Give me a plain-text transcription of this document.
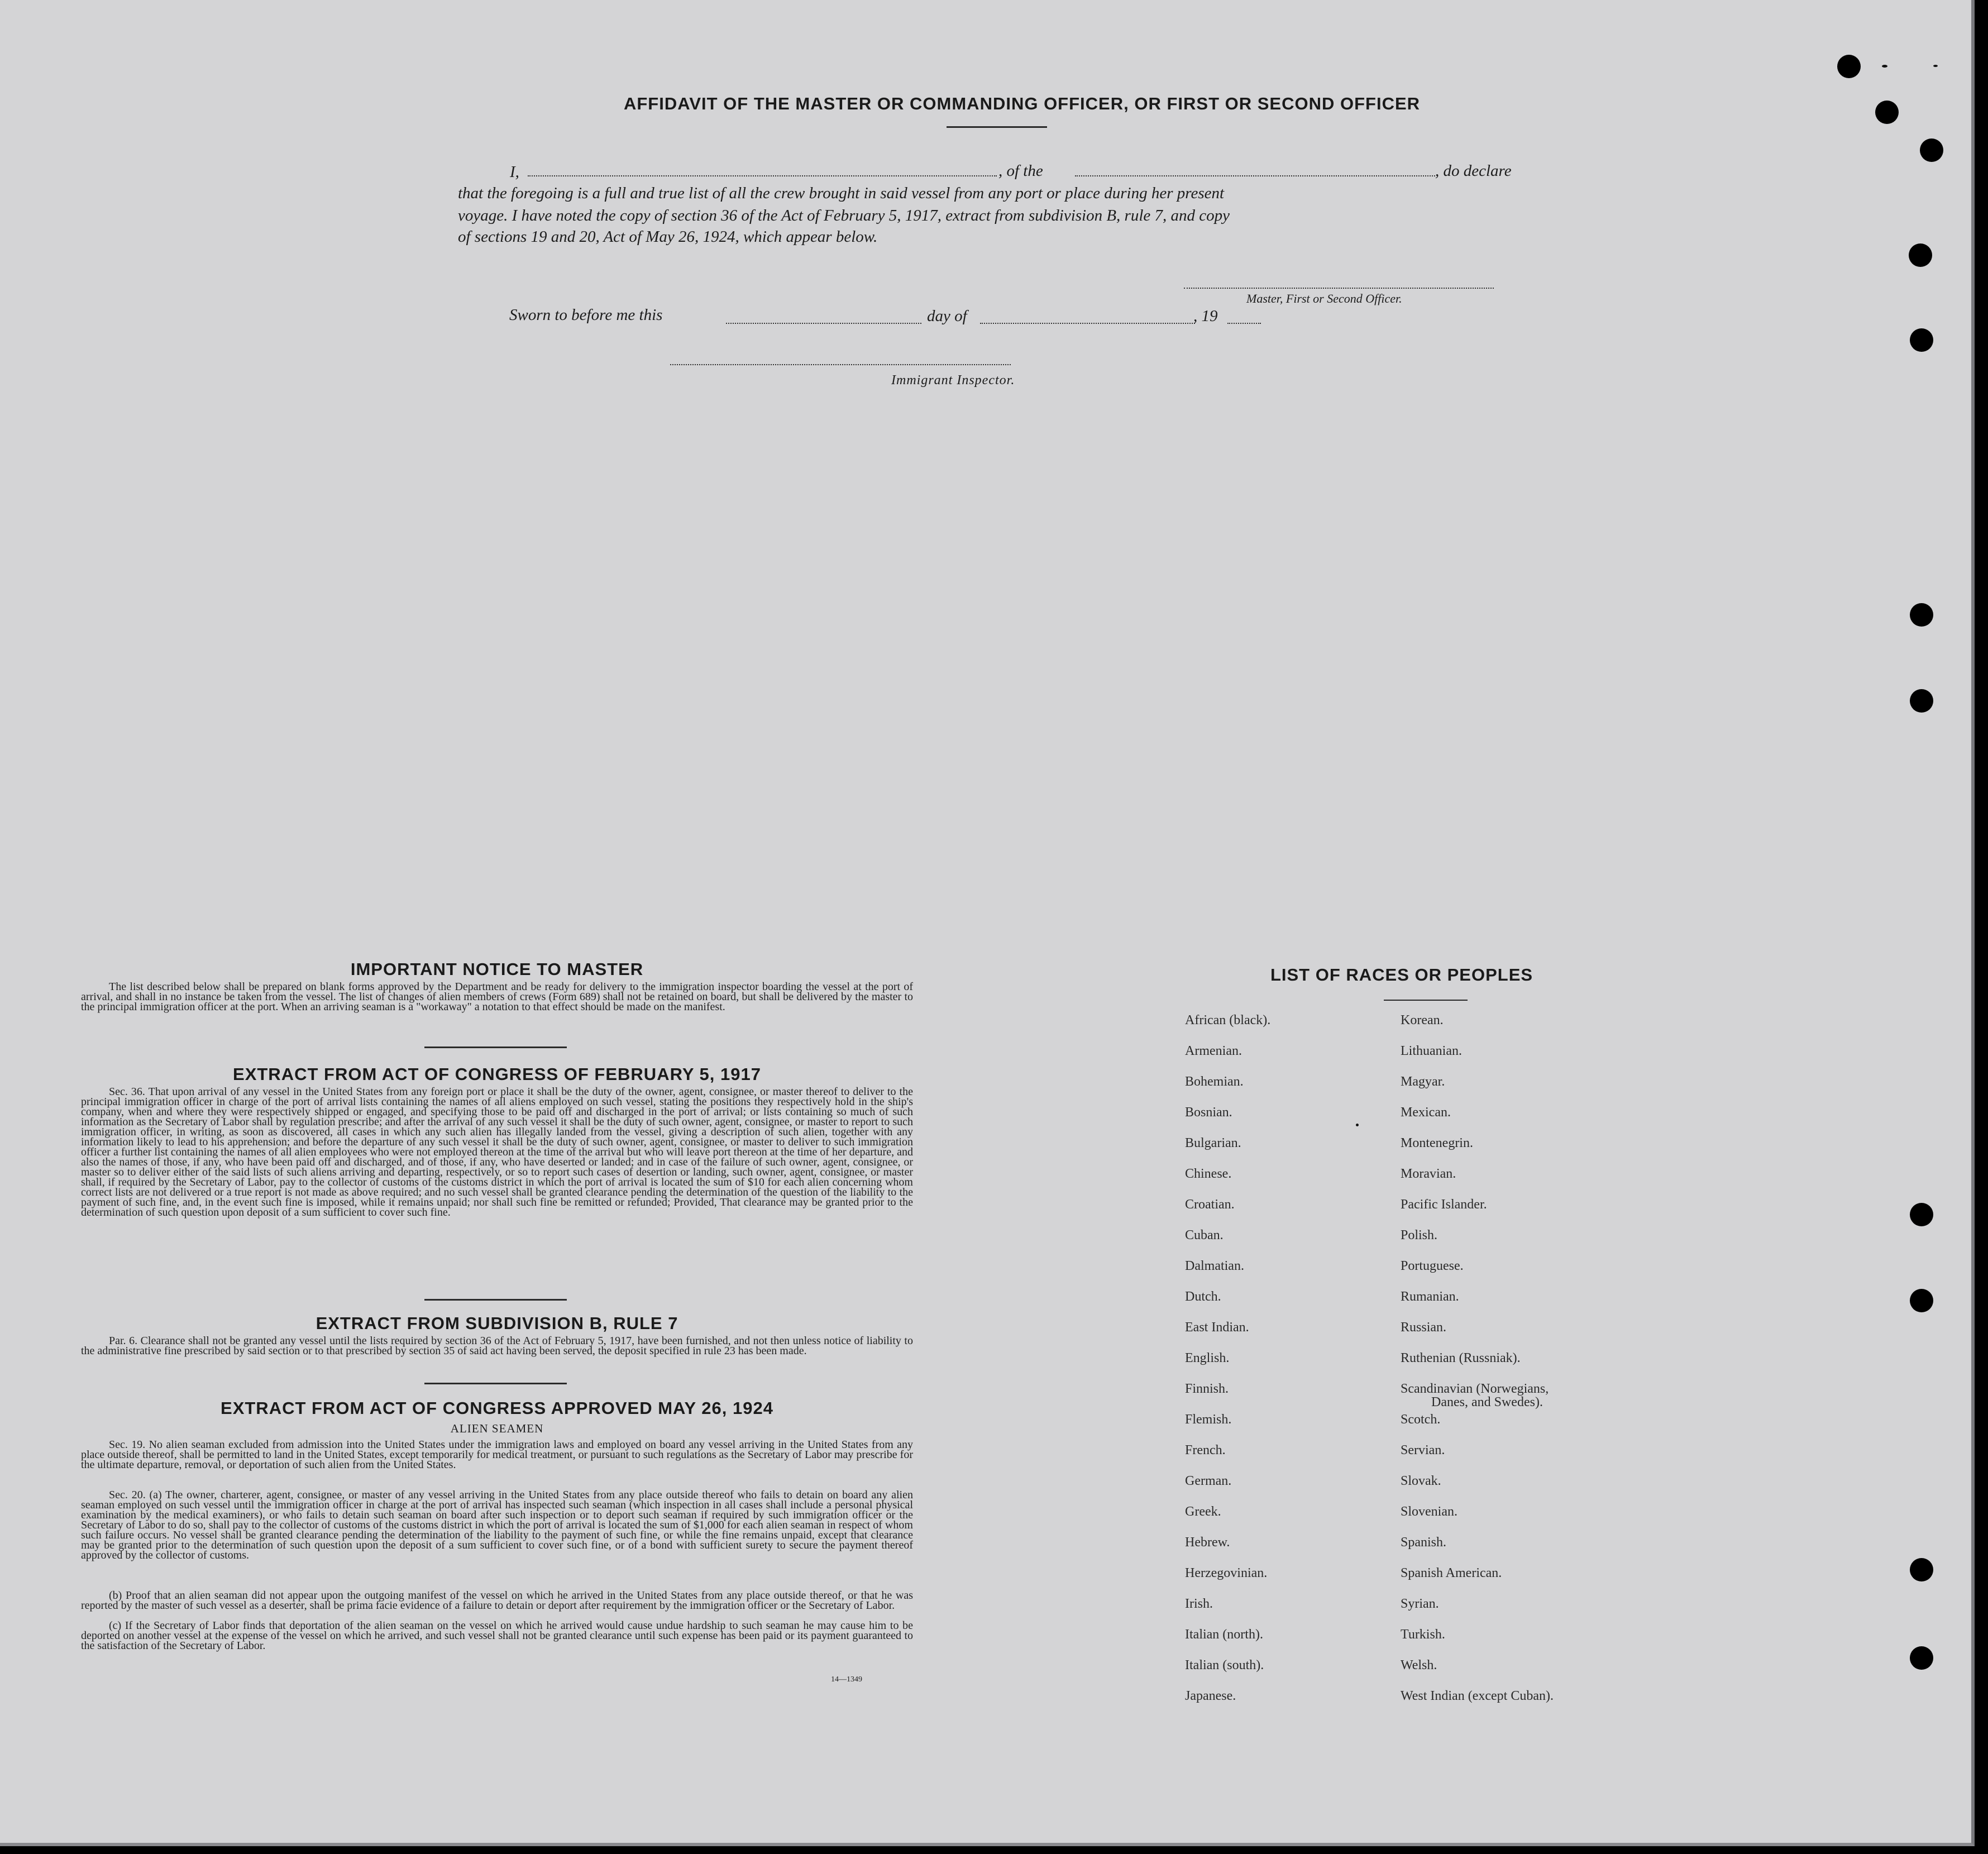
AFFIDAVIT OF THE MASTER OR COMMANDING OFFICER, OR FIRST OR SECOND OFFICER
I,	, of the	, do declare
that the foregoing is a full and true list of all the crew brought in said vessel from any port or place during her present
voyage. I have noted the copy of section 36 of the Act of February 5, 1917, extract from subdivision B, rule 7, and copy
of sections 19 and 20, Act of May 26, 1924, which appear below.
Master, First or Second Officer.
Sworn to before me this	day of	, 19
Immigrant Inspector.
IMPORTANT NOTICE TO MASTER

The list described below shall be prepared on blank forms approved by the Department and be ready for delivery to the immigration inspector boarding the vessel at the port of arrival, and shall in no instance be taken from the vessel. The list of changes of alien members of crews (Form 689) shall not be retained on board, but shall be delivered by the master to the principal immigration officer at the port. When an arriving seaman is a "workaway" a notation to that effect should be made on the manifest.

EXTRACT FROM ACT OF CONGRESS OF FEBRUARY 5, 1917

Sec. 36. That upon arrival of any vessel in the United States from any foreign port or place it shall be the duty of the owner, agent, consignee, or master thereof to deliver to the principal immigration officer in charge of the port of arrival lists containing the names of all aliens employed on such vessel, stating the positions they respectively hold in the ship's company, when and where they were respectively shipped or engaged, and specifying those to be paid off and discharged in the port of arrival; or lists containing so much of such information as the Secretary of Labor shall by regulation prescribe; and after the arrival of any such vessel it shall be the duty of such owner, agent, consignee, or master to report to such immigration officer, in writing, as soon as discovered, all cases in which any such alien has illegally landed from the vessel, giving a description of such alien, together with any information likely to lead to his apprehension; and before the departure of any such vessel it shall be the duty of such owner, agent, consignee, or master to deliver to such immigration officer a further list containing the names of all alien employees who were not employed thereon at the time of the arrival but who will leave port thereon at the time of her departure, and also the names of those, if any, who have been paid off and discharged, and of those, if any, who have deserted or landed; and in case of the failure of such owner, agent, consignee, or master so to deliver either of the said lists of such aliens arriving and departing, respectively, or so to report such cases of desertion or landing, such owner, agent, consignee, or master shall, if required by the Secretary of Labor, pay to the collector of customs of the customs district in which the port of arrival is located the sum of $10 for each alien concerning whom correct lists are not delivered or a true report is not made as above required; and no such vessel shall be granted clearance pending the determination of the question of the liability to the payment of such fine, and, in the event such fine is imposed, while it remains unpaid; nor shall such fine be remitted or refunded; Provided, That clearance may be granted prior to the determination of such question upon deposit of a sum sufficient to cover such fine.

EXTRACT FROM SUBDIVISION B, RULE 7

Par. 6. Clearance shall not be granted any vessel until the lists required by section 36 of the Act of February 5, 1917, have been furnished, and not then unless notice of liability to the administrative fine prescribed by said section or to that prescribed by section 35 of said act having been served, the deposit specified in rule 23 has been made.

EXTRACT FROM ACT OF CONGRESS APPROVED MAY 26, 1924
ALIEN SEAMEN

Sec. 19. No alien seaman excluded from admission into the United States under the immigration laws and employed on board any vessel arriving in the United States from any place outside thereof, shall be permitted to land in the United States, except temporarily for medical treatment, or pursuant to such regulations as the Secretary of Labor may prescribe for the ultimate departure, removal, or deportation of such alien from the United States.

Sec. 20. (a) The owner, charterer, agent, consignee, or master of any vessel arriving in the United States from any place outside thereof who fails to detain on board any alien seaman employed on such vessel until the immigration officer in charge at the port of arrival has inspected such seaman (which inspection in all cases shall include a personal physical examination by the medical examiners), or who fails to detain such seaman on board after such inspection or to deport such seaman if required by such immigration officer or the Secretary of Labor to do so, shall pay to the collector of customs of the customs district in which the port of arrival is located the sum of $1,000 for each alien seaman in respect of whom such failure occurs. No vessel shall be granted clearance pending the determination of the liability to the payment of such fine, or while the fine remains unpaid, except that clearance may be granted prior to the determination of such question upon the deposit of a sum sufficient to cover such fine, or of a bond with sufficient surety to secure the payment thereof approved by the collector of customs.

(b) Proof that an alien seaman did not appear upon the outgoing manifest of the vessel on which he arrived in the United States from any place outside thereof, or that he was reported by the master of such vessel as a deserter, shall be prima facie evidence of a failure to detain or deport after requirement by the immigration officer or the Secretary of Labor.

(c) If the Secretary of Labor finds that deportation of the alien seaman on the vessel on which he arrived would cause undue hardship to such seaman he may cause him to be deported on another vessel at the expense of the vessel on which he arrived, and such vessel shall not be granted clearance until such expense has been paid or its payment guaranteed to the satisfaction of the Secretary of Labor.

14—1349
LIST OF RACES OR PEOPLES
African (black).
Armenian.
Bohemian.
Bosnian.
Bulgarian.
Chinese.
Croatian.
Cuban.
Dalmatian.
Dutch.
East Indian.
English.
Finnish.
Flemish.
French.
German.
Greek.
Hebrew.
Herzegovinian.
Irish.
Italian (north).
Italian (south).
Japanese.
Korean.
Lithuanian.
Magyar.
Mexican.
Montenegrin.
Moravian.
Pacific Islander.
Polish.
Portuguese.
Rumanian.
Russian.
Ruthenian (Russniak).
Scandinavian (Norwegians,
Danes, and Swedes).
Scotch.
Servian.
Slovak.
Slovenian.
Spanish.
Spanish American.
Syrian.
Turkish.
Welsh.
West Indian (except Cuban).
